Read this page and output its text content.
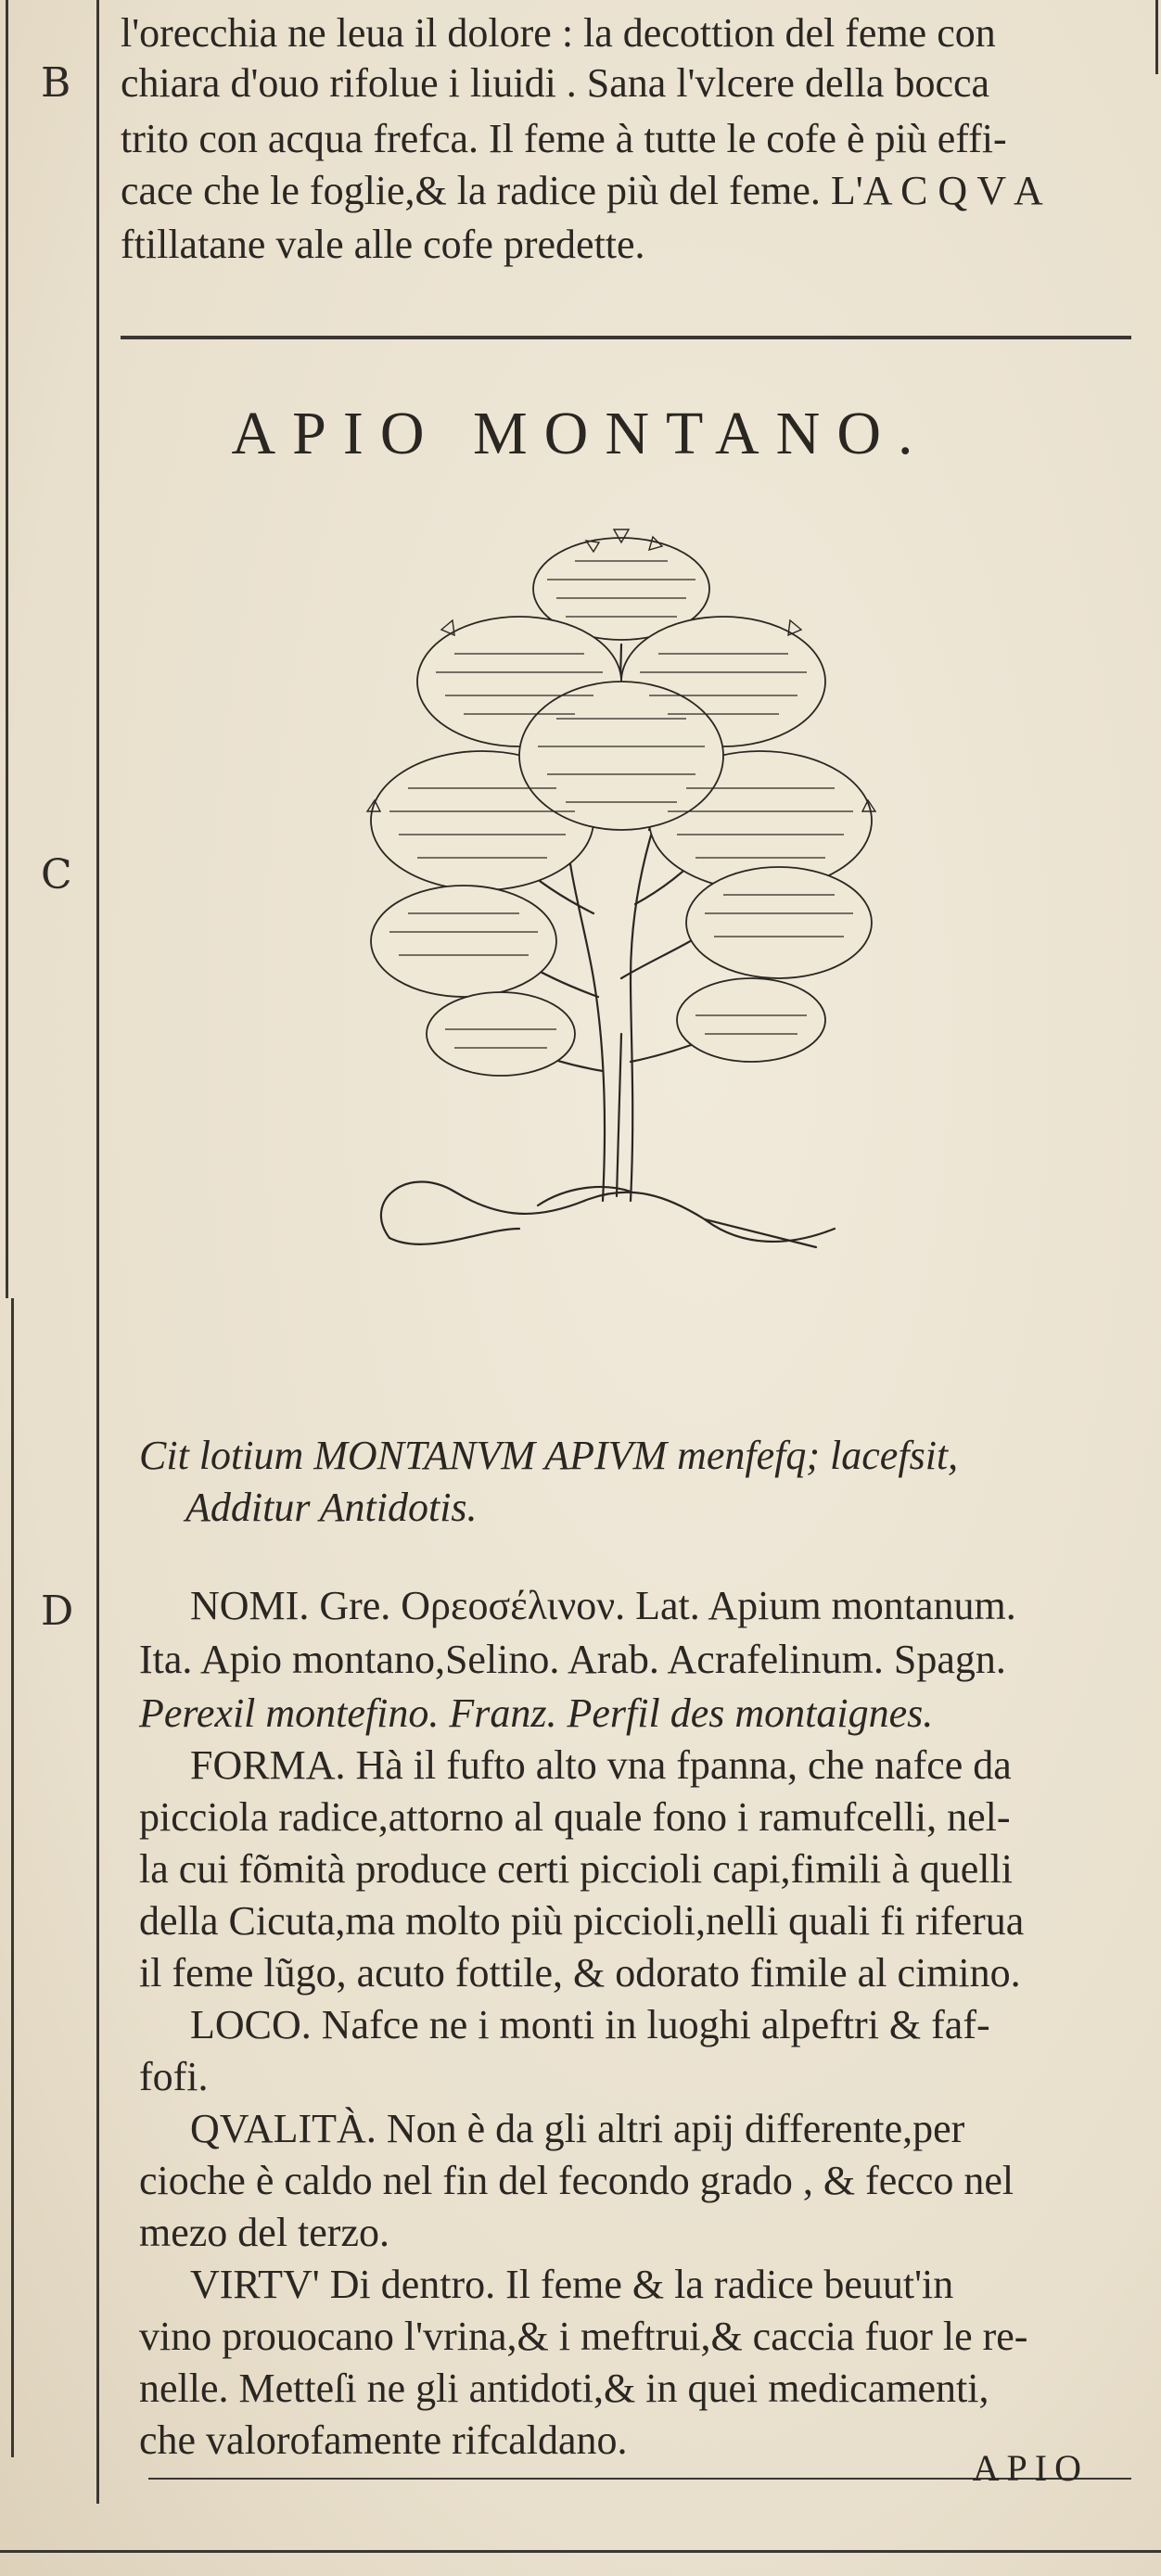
B
C
D
l'orecchia ne leua il dolore : la decottion del feme con
chiara d'ouo rifolue i liuidi . Sana l'vlcere della bocca
trito con acqua frefca. Il feme à tutte le cofe è più effi-
cace che le foglie,& la radice più del feme. L'A C Q V A
ftillatane vale alle cofe predette.
APIO MONTANO.
Cit lotium MONTANVM APIVM menfefq; lacefsit,
Additur Antidotis.
NOMI. Gre. Ορεοσέλινον. Lat. Apium montanum.
Ita. Apio montano,Selino. Arab. Acrafelinum. Spagn.
Perexil montefino. Franz. Perfil des montaignes.
FORMA. Hà il fufto alto vna fpanna, che nafce da
picciola radice,attorno al quale fono i ramufcelli, nel-
la cui fõmità produce certi piccioli capi,fimili à quelli
della Cicuta,ma molto più piccioli,nelli quali fi riferua
il feme lũgo, acuto fottile, & odorato fimile al cimino.
LOCO. Nafce ne i monti in luoghi alpeftri & faf-
fofi.
QVALITÀ. Non è da gli altri apij differente,per
cioche è caldo nel fin del fecondo grado , & fecco nel
mezo del terzo.
VIRTV' Di dentro. Il feme & la radice beuut'in
vino prouocano l'vrina,& i meftrui,& caccia fuor le re-
nelle. Metteſi ne gli antidoti,& in quei medicamenti,
che valorofamente rifcaldano.
APIO
